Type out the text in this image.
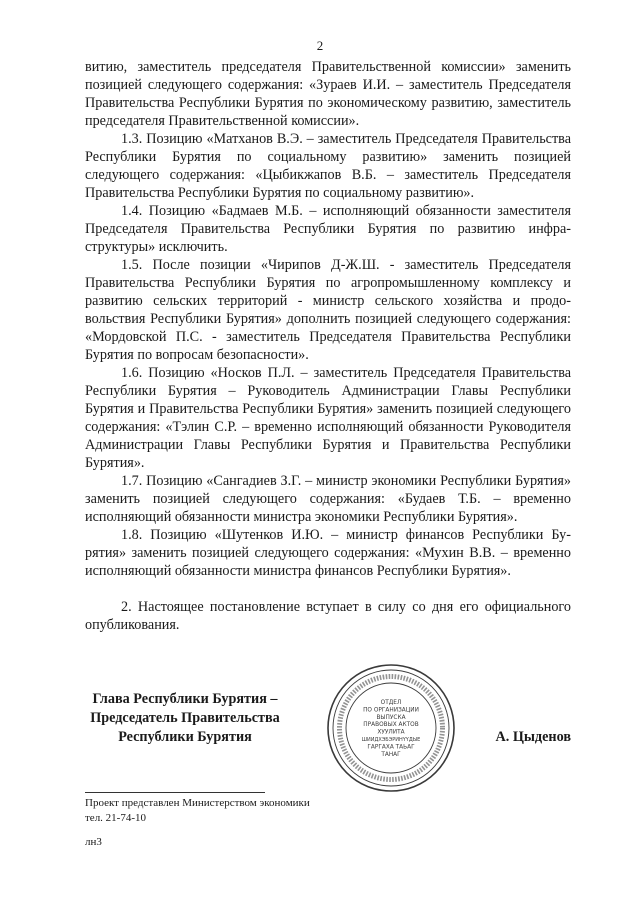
2

витию, заместитель председателя Правительственной комиссии» заменить позицией следующего содержания: «Зураев И.И. – заместитель Председателя Правительства Республики Бурятия по экономическому развитию, заместитель председателя Правительственной комиссии».

1.3. Позицию «Матханов В.Э. – заместитель Председателя Правительства Республики Бурятия по социальному развитию» заменить позицией следующего содержания: «Цыбикжапов В.Б. – заместитель Председателя Правительства Республики Бурятия по социальному развитию».

1.4. Позицию «Бадмаев М.Б. – исполняющий обязанности заместителя Председателя Правительства Республики Бурятия по развитию инфраструктуры» исключить.

1.5. После позиции «Чирипов Д-Ж.Ш. - заместитель Председателя Правительства Республики Бурятия по агропромышленному комплексу и развитию сельских территорий - министр сельского хозяйства и продовольствия Республики Бурятия» дополнить позицией следующего содержания: «Мордовской П.С. - заместитель Председателя Правительства Республики Бурятия по вопросам безопасности».

1.6. Позицию «Носков П.Л. – заместитель Председателя Правительства Республики Бурятия – Руководитель Администрации Главы Республики Бурятия и Правительства Республики Бурятия» заменить позицией следующего содержания: «Тэлин С.Р. – временно исполняющий обязанности Руководителя Администрации Главы Республики Бурятия и Правительства Республики Бурятия».

1.7. Позицию «Сангадиев З.Г. – министр экономики Республики Бурятия» заменить позицией следующего содержания: «Будаев Т.Б. – временно исполняющий обязанности министра экономики Республики Бурятия».

1.8. Позицию «Шутенков И.Ю. – министр финансов Республики Бурятия» заменить позицией следующего содержания: «Мухин В.В. – временно исполняющий обязанности министра финансов Республики Бурятия».

2. Настоящее постановление вступает в силу со дня его официального опубликования.

Глава Республики Бурятия –
Председатель Правительства
Республики Бурятия
ОТДЕЛ
ПО ОРГАНИЗАЦИИ
ВЫПУСКА
ПРАВОВЫХ АКТОВ
ХУУЛИТА
ШИИДХЭБЭРИНҮҮДЫЕ
ГАРГАХА ТАЬАГ
ТАНАГ
А. Цыденов
Проект представлен Министерством экономики
тел. 21-74-10
лн3
